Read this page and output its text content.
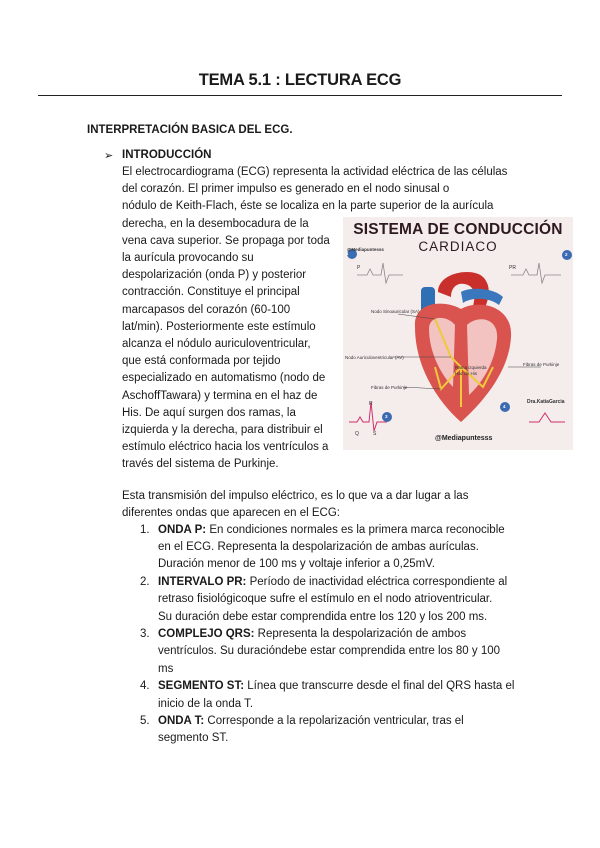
TEMA 5.1 : LECTURA ECG
INTERPRETACIÓN BASICA DEL ECG.
➢ INTRODUCCIÓN
El electrocardiograma (ECG) representa la actividad eléctrica de las células
del corazón. El primer impulso es generado en el nodo sinusal o
nódulo de Keith-Flach, éste se localiza en la parte superior de la aurícula
derecha, en la desembocadura de la
vena cava superior. Se propaga por toda
la aurícula provocando su
despolarización (onda P) y posterior
contracción. Constituye el principal
marcapasos del corazón (60-100
lat/min). Posteriormente este estímulo
alcanza el nódulo auriculoventricular,
que está conformada por tejido
especializado en automatismo (nodo de
AschoffTawara) y termina en el haz de
His. De aquí surgen dos ramas, la
izquierda y la derecha, para distribuir el
estímulo eléctrico hacia los ventrículos a
través del sistema de Purkinje.
Esta transmisión del impulso eléctrico, es lo que va a dar lugar a las
diferentes ondas que aparecen en el ECG:
1. ONDA P: En condiciones normales es la primera marca reconocible
en el ECG. Representa la despolarización de ambas aurículas.
Duración menor de 100 ms y voltaje inferior a 0,25mV.
2. INTERVALO PR: Período de inactividad eléctrica correspondiente al
retraso fisiológicoque sufre el estímulo en el nodo atrioventricular.
Su duración debe estar comprendida entre los 120 y los 200 ms.
3. COMPLEJO QRS: Representa la despolarización de ambos
ventrículos. Su duracióndebe estar comprendida entre los 80 y 100
ms
4. SEGMENTO ST: Línea que transcurre desde el final del QRS hasta el
inicio de la onda T.
5. ONDA T: Corresponde a la repolarización ventricular, tras el
segmento ST.
SISTEMA DE CONDUCCIÓN
CARDIACO
@Mediapuntesss
1	2
3
4
P	PR
Q	S
R
Nodo Sinoauricular (SA)
Nodo Auriculoventricular (AV)
Haz de His
Rama izquierda
Fibras de Purkinje
Fibras de Purkinje
Dra.KatiaGarcia
@Mediapuntesss
